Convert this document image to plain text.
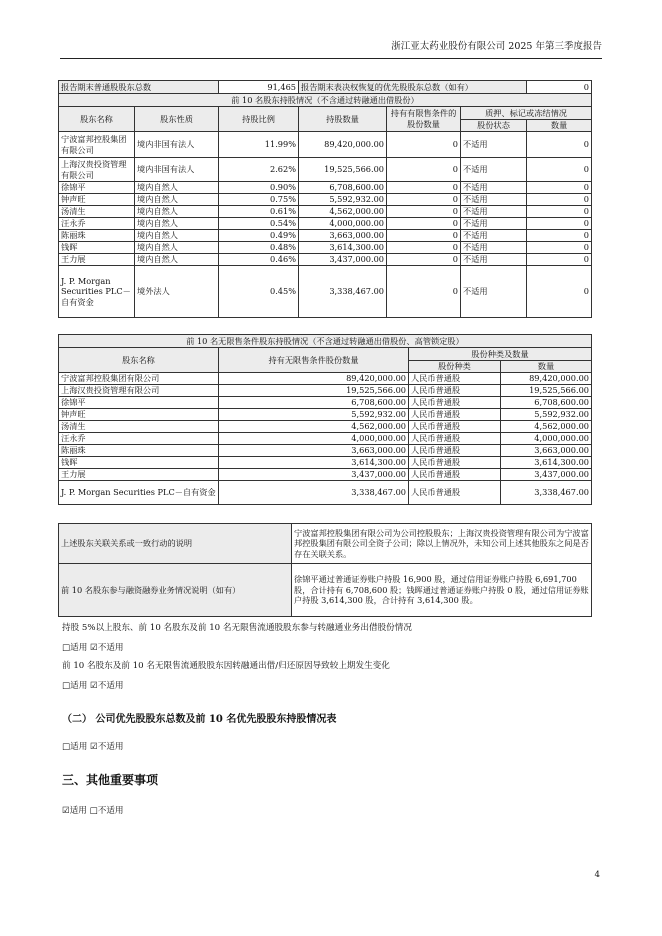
浙江亚太药业股份有限公司 2025 年第三季度报告
报告期末普通股股东总数		91,465	报告期末表决权恢复的优先股股东总数（如有）			0
前 10 名股东持股情况（不含通过转融通出借股份）						
股东名称	股东性质	持股比例	持股数量	持有有限售条件的股份数量	质押、标记或冻结情况	
					股份状态	数量
宁波富邦控股集团有限公司	境内非国有法人	11.99%	89,420,000.00	0	不适用	0
上海汉贵投资管理有限公司	境内非国有法人	2.62%	19,525,566.00	0	不适用	0
徐锦平	境内自然人	0.90%	6,708,600.00	0	不适用	0
钟声旺	境内自然人	0.75%	5,592,932.00	0	不适用	0
汤清生	境内自然人	0.61%	4,562,000.00	0	不适用	0
汪永乔	境内自然人	0.54%	4,000,000.00	0	不适用	0
陈丽珠	境内自然人	0.49%	3,663,000.00	0	不适用	0
钱晖	境内自然人	0.48%	3,614,300.00	0	不适用	0
王力展	境内自然人	0.46%	3,437,000.00	0	不适用	0
J. P. Morgan Securities PLC－自有资金	境外法人	0.45%	3,338,467.00	0	不适用	0
前 10 名无限售条件股东持股情况（不含通过转融通出借股份、高管锁定股）			
股东名称	持有无限售条件股份数量	股份种类及数量	
		股份种类	数量
宁波富邦控股集团有限公司	89,420,000.00	人民币普通股	89,420,000.00
上海汉贵投资管理有限公司	19,525,566.00	人民币普通股	19,525,566.00
徐锦平	6,708,600.00	人民币普通股	6,708,600.00
钟声旺	5,592,932.00	人民币普通股	5,592,932.00
汤清生	4,562,000.00	人民币普通股	4,562,000.00
汪永乔	4,000,000.00	人民币普通股	4,000,000.00
陈丽珠	3,663,000.00	人民币普通股	3,663,000.00
钱晖	3,614,300.00	人民币普通股	3,614,300.00
王力展	3,437,000.00	人民币普通股	3,437,000.00
J. P. Morgan Securities PLC－自有资金	3,338,467.00	人民币普通股	3,338,467.00
上述股东关联关系或一致行动的说明	宁波富邦控股集团有限公司为公司控股股东；上海汉贵投资管理有限公司为宁波富邦控股集团有限公司全资子公司；除以上情况外，未知公司上述其他股东之间是否存在关联关系。
前 10 名股东参与融资融券业务情况说明（如有）	徐锦平通过普通证券账户持股 16,900 股，通过信用证券账户持股 6,691,700 股，合计持有 6,708,600 股；钱晖通过普通证券账户持股 0 股，通过信用证券账户持股 3,614,300 股，合计持有 3,614,300 股。
持股 5%以上股东、前 10 名股东及前 10 名无限售流通股股东参与转融通业务出借股份情况
□适用 ☑不适用
前 10 名股东及前 10 名无限售流通股股东因转融通出借/归还原因导致较上期发生变化
□适用 ☑不适用
（二） 公司优先股股东总数及前 10 名优先股股东持股情况表
□适用 ☑不适用
三、其他重要事项
☑适用 □不适用
4
